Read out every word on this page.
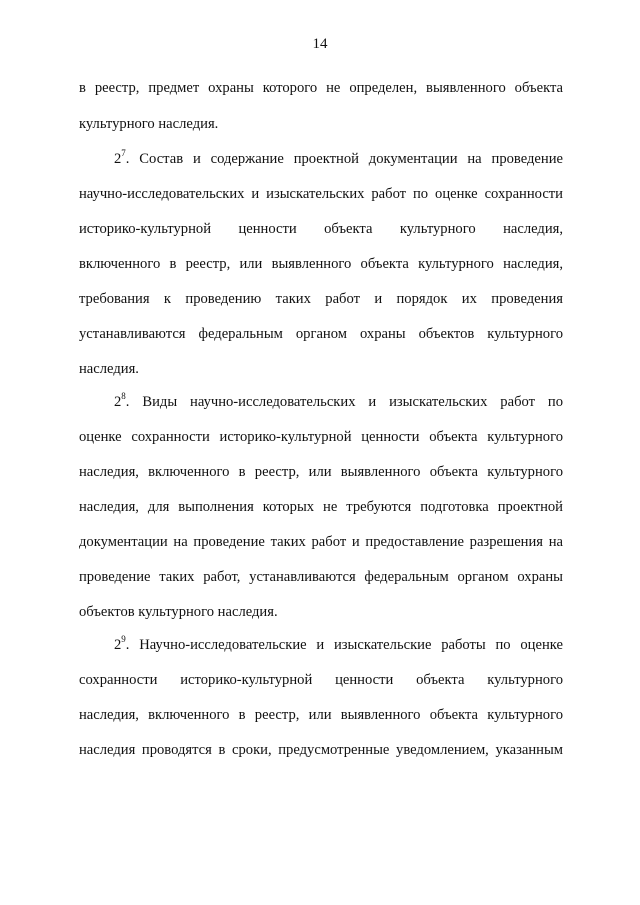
14
в реестр, предмет охраны которого не определен, выявленного объекта
культурного наследия.
$2^7$. Состав и содержание проектной документации на проведение
научно-исследовательских и изыскательских работ по оценке сохранности
историко-культурной ценности объекта культурного наследия,
включенного в реестр, или выявленного объекта культурного наследия,
требования к проведению таких работ и порядок их проведения
устанавливаются федеральным органом охраны объектов культурного
наследия.
$2^8$. Виды научно-исследовательских и изыскательских работ по
оценке сохранности историко-культурной ценности объекта культурного
наследия, включенного в реестр, или выявленного объекта культурного
наследия, для выполнения которых не требуются подготовка проектной
документации на проведение таких работ и предоставление разрешения на
проведение таких работ, устанавливаются федеральным органом охраны
объектов культурного наследия.
$2^9$. Научно-исследовательские и изыскательские работы по оценке
сохранности историко-культурной ценности объекта культурного
наследия, включенного в реестр, или выявленного объекта культурного
наследия проводятся в сроки, предусмотренные уведомлением, указанным
